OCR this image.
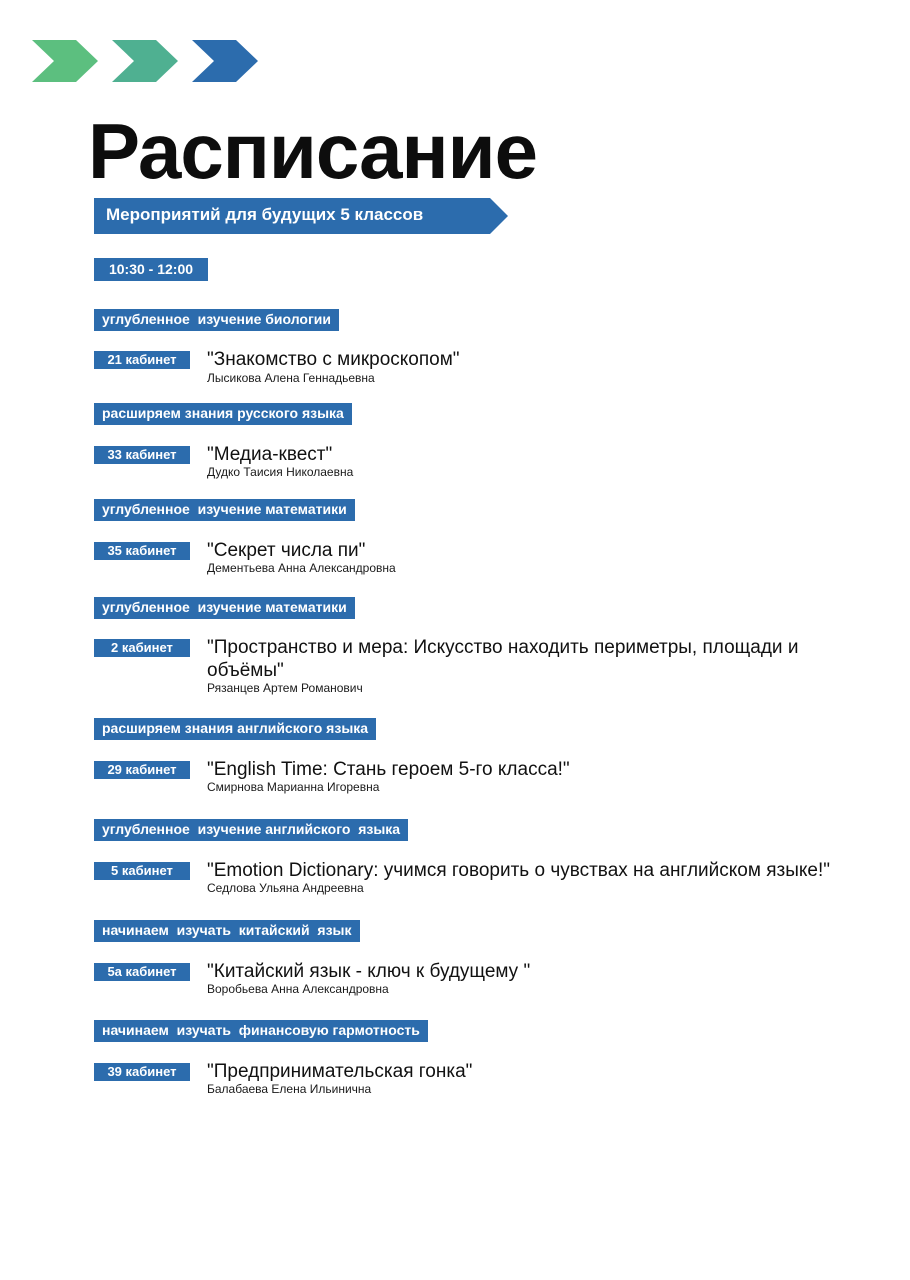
Расписание
Мероприятий для будущих 5 классов
10:30 - 12:00
углубленное  изучение биологии
21 кабинет	"Знакомство с микроскопом"
Лысикова Алена Геннадьевна
расширяем знания русского языка
33 кабинет	"Медиа-квест"
Дудко Таисия Николаевна
углубленное  изучение математики
35 кабинет	"Секрет числа пи"
Дементьева Анна Александровна
углубленное  изучение математики
2 кабинет	"Пространство и мера: Искусство находить периметры, площади и объёмы"
Рязанцев Артем Романович
расширяем знания английского языка
29 кабинет	"English Time: Стань героем 5-го класса!"
Смирнова Марианна Игоревна
углубленное  изучение английского  языка
5 кабинет	"Emotion Dictionary: учимся говорить о чувствах на английском языке!"
Седлова Ульяна Андреевна
начинаем  изучать  китайский  язык
5а кабинет	"Китайский язык - ключ к будущему "
Воробьева Анна Александровна
начинаем  изучать  финансовую гармотность
39 кабинет	"Предпринимательская гонка"
Балабаева Елена Ильинична
